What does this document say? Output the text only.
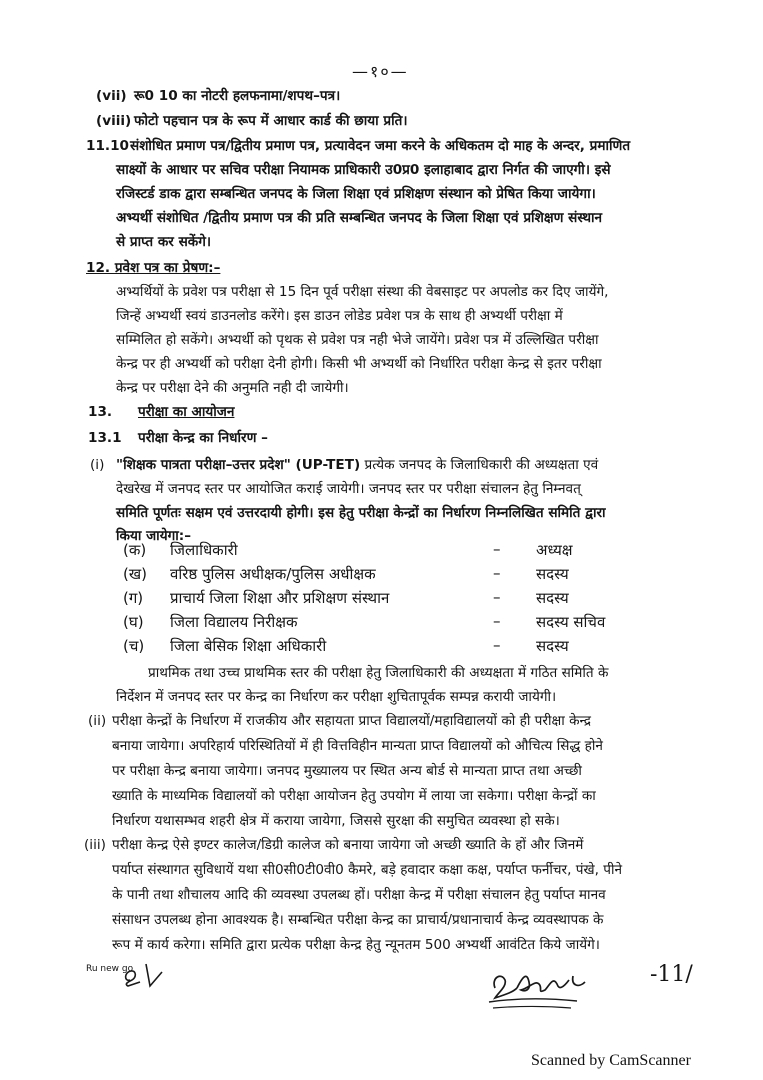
—१०—
(vii) रू0 10 का नोटरी हलफनामा/शपथ–पत्र।
(viii) फोटो पहचान पत्र के रूप में आधार कार्ड की छाया प्रति।
11.10 संशोधित प्रमाण पत्र/द्वितीय प्रमाण पत्र, प्रत्यावेदन जमा करने के अधिकतम दो माह के अन्दर, प्रमाणित
साक्ष्यों के आधार पर सचिव परीक्षा नियामक प्राधिकारी उ0प्र0 इलाहाबाद द्वारा निर्गत की जाएगी। इसे
रजिस्टर्ड डाक द्वारा सम्बन्धित जनपद के जिला शिक्षा एवं प्रशिक्षण संस्थान को प्रेषित किया जायेगा।
अभ्यर्थी संशोधित /द्वितीय प्रमाण पत्र की प्रति सम्बन्धित जनपद के जिला शिक्षा एवं प्रशिक्षण संस्थान
से प्राप्त कर सकेंगे।
12. प्रवेश पत्र का प्रेषण:–
अभ्यर्थियों के प्रवेश पत्र परीक्षा से 15 दिन पूर्व परीक्षा संस्था की वेबसाइट पर अपलोड कर दिए जायेंगे,
जिन्हें अभ्यर्थी स्वयं डाउनलोड करेंगे। इस डाउन लोडेड प्रवेश पत्र के साथ ही अभ्यर्थी परीक्षा में
सम्मिलित हो सकेंगे। अभ्यर्थी को पृथक से प्रवेश पत्र नही भेजे जायेंगे। प्रवेश पत्र में उल्लिखित परीक्षा
केन्द्र पर ही अभ्यर्थी को परीक्षा देनी होगी। किसी भी अभ्यर्थी को निर्धारित परीक्षा केन्द्र से इतर परीक्षा
केन्द्र पर परीक्षा देने की अनुमति नही दी जायेगी।
13. परीक्षा का आयोजन
13.1 परीक्षा केन्द्र का निर्धारण –
(i) "शिक्षक पात्रता परीक्षा–उत्तर प्रदेश" (UP-TET) प्रत्येक जनपद के जिलाधिकारी की अध्यक्षता एवं
देखरेख में जनपद स्तर पर आयोजित कराई जायेगी। जनपद स्तर पर परीक्षा संचालन हेतु निम्नवत्
समिति पूर्णतः सक्षम एवं उत्तरदायी होगी। इस हेतु परीक्षा केन्द्रों का निर्धारण निम्नलिखित समिति द्वारा
किया जायेगा:–
(क) जिलाधिकारी	– अध्यक्ष
(ख) वरिष्ठ पुलिस अधीक्षक/पुलिस अधीक्षक	– सदस्य
(ग) प्राचार्य जिला शिक्षा और प्रशिक्षण संस्थान	– सदस्य
(घ) जिला विद्यालय निरीक्षक	– सदस्य सचिव
(च) जिला बेसिक शिक्षा अधिकारी	– सदस्य
प्राथमिक तथा उच्च प्राथमिक स्तर की परीक्षा हेतु जिलाधिकारी की अध्यक्षता में गठित समिति के
निर्देशन में जनपद स्तर पर केन्द्र का निर्धारण कर परीक्षा शुचितापूर्वक सम्पन्न करायी जायेगी।
(ii) परीक्षा केन्द्रों के निर्धारण में राजकीय और सहायता प्राप्त विद्यालयों/महाविद्यालयों को ही परीक्षा केन्द्र
बनाया जायेगा। अपरिहार्य परिस्थितियों में ही वित्तविहीन मान्यता प्राप्त विद्यालयों को औचित्य सिद्ध होने
पर परीक्षा केन्द्र बनाया जायेगा। जनपद मुख्यालय पर स्थित अन्य बोर्ड से मान्यता प्राप्त तथा अच्छी
ख्याति के माध्यमिक विद्यालयों को परीक्षा आयोजन हेतु उपयोग में लाया जा सकेगा। परीक्षा केन्द्रों का
निर्धारण यथासम्भव शहरी क्षेत्र में कराया जायेगा, जिससे सुरक्षा की समुचित व्यवस्था हो सके।
(iii) परीक्षा केन्द्र ऐसे इण्टर कालेज/डिग्री कालेज को बनाया जायेगा जो अच्छी ख्याति के हों और जिनमें
पर्याप्त संस्थागत सुविधायें यथा सी0सी0टी0वी0 कैमरे, बड़े हवादार कक्षा कक्ष, पर्याप्त फर्नीचर, पंखे, पीने
के पानी तथा शौचालय आदि की व्यवस्था उपलब्ध हों। परीक्षा केन्द्र में परीक्षा संचालन हेतु पर्याप्त मानव
संसाधन उपलब्ध होना आवश्यक है। सम्बन्धित परीक्षा केन्द्र का प्राचार्य/प्रधानाचार्य केन्द्र व्यवस्थापक के
रूप में कार्य करेगा। समिति द्वारा प्रत्येक परीक्षा केन्द्र हेतु न्यूनतम 500 अभ्यर्थी आवंटित किये जायेंगे।
Ru new go	-11/
Scanned by CamScanner
